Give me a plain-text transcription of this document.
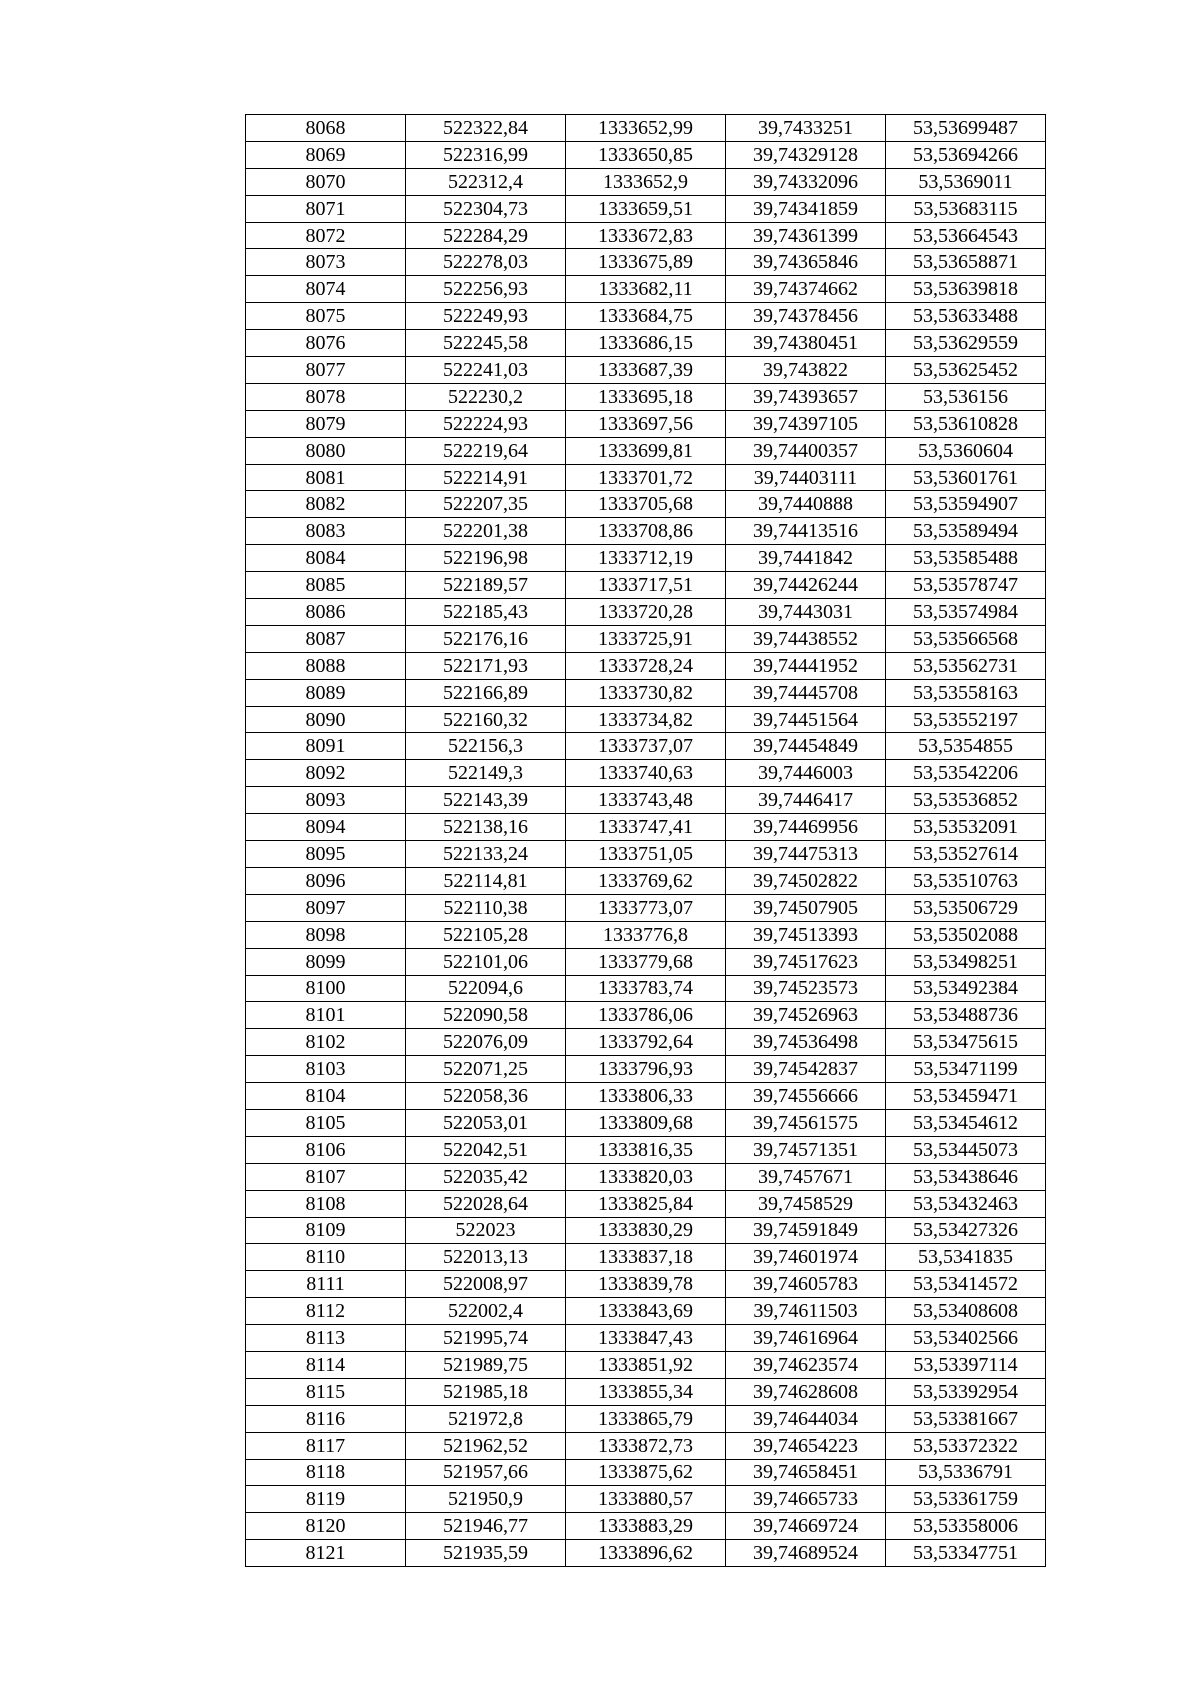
8068	522322,84	1333652,99	39,7433251	53,53699487
8069	522316,99	1333650,85	39,74329128	53,53694266
8070	522312,4	1333652,9	39,74332096	53,5369011
8071	522304,73	1333659,51	39,74341859	53,53683115
8072	522284,29	1333672,83	39,74361399	53,53664543
8073	522278,03	1333675,89	39,74365846	53,53658871
8074	522256,93	1333682,11	39,74374662	53,53639818
8075	522249,93	1333684,75	39,74378456	53,53633488
8076	522245,58	1333686,15	39,74380451	53,53629559
8077	522241,03	1333687,39	39,743822	53,53625452
8078	522230,2	1333695,18	39,74393657	53,536156
8079	522224,93	1333697,56	39,74397105	53,53610828
8080	522219,64	1333699,81	39,74400357	53,5360604
8081	522214,91	1333701,72	39,74403111	53,53601761
8082	522207,35	1333705,68	39,7440888	53,53594907
8083	522201,38	1333708,86	39,74413516	53,53589494
8084	522196,98	1333712,19	39,7441842	53,53585488
8085	522189,57	1333717,51	39,74426244	53,53578747
8086	522185,43	1333720,28	39,7443031	53,53574984
8087	522176,16	1333725,91	39,74438552	53,53566568
8088	522171,93	1333728,24	39,74441952	53,53562731
8089	522166,89	1333730,82	39,74445708	53,53558163
8090	522160,32	1333734,82	39,74451564	53,53552197
8091	522156,3	1333737,07	39,74454849	53,5354855
8092	522149,3	1333740,63	39,7446003	53,53542206
8093	522143,39	1333743,48	39,7446417	53,53536852
8094	522138,16	1333747,41	39,74469956	53,53532091
8095	522133,24	1333751,05	39,74475313	53,53527614
8096	522114,81	1333769,62	39,74502822	53,53510763
8097	522110,38	1333773,07	39,74507905	53,53506729
8098	522105,28	1333776,8	39,74513393	53,53502088
8099	522101,06	1333779,68	39,74517623	53,53498251
8100	522094,6	1333783,74	39,74523573	53,53492384
8101	522090,58	1333786,06	39,74526963	53,53488736
8102	522076,09	1333792,64	39,74536498	53,53475615
8103	522071,25	1333796,93	39,74542837	53,53471199
8104	522058,36	1333806,33	39,74556666	53,53459471
8105	522053,01	1333809,68	39,74561575	53,53454612
8106	522042,51	1333816,35	39,74571351	53,53445073
8107	522035,42	1333820,03	39,7457671	53,53438646
8108	522028,64	1333825,84	39,7458529	53,53432463
8109	522023	1333830,29	39,74591849	53,53427326
8110	522013,13	1333837,18	39,74601974	53,5341835
8111	522008,97	1333839,78	39,74605783	53,53414572
8112	522002,4	1333843,69	39,74611503	53,53408608
8113	521995,74	1333847,43	39,74616964	53,53402566
8114	521989,75	1333851,92	39,74623574	53,53397114
8115	521985,18	1333855,34	39,74628608	53,53392954
8116	521972,8	1333865,79	39,74644034	53,53381667
8117	521962,52	1333872,73	39,74654223	53,53372322
8118	521957,66	1333875,62	39,74658451	53,5336791
8119	521950,9	1333880,57	39,74665733	53,53361759
8120	521946,77	1333883,29	39,74669724	53,53358006
8121	521935,59	1333896,62	39,74689524	53,53347751
